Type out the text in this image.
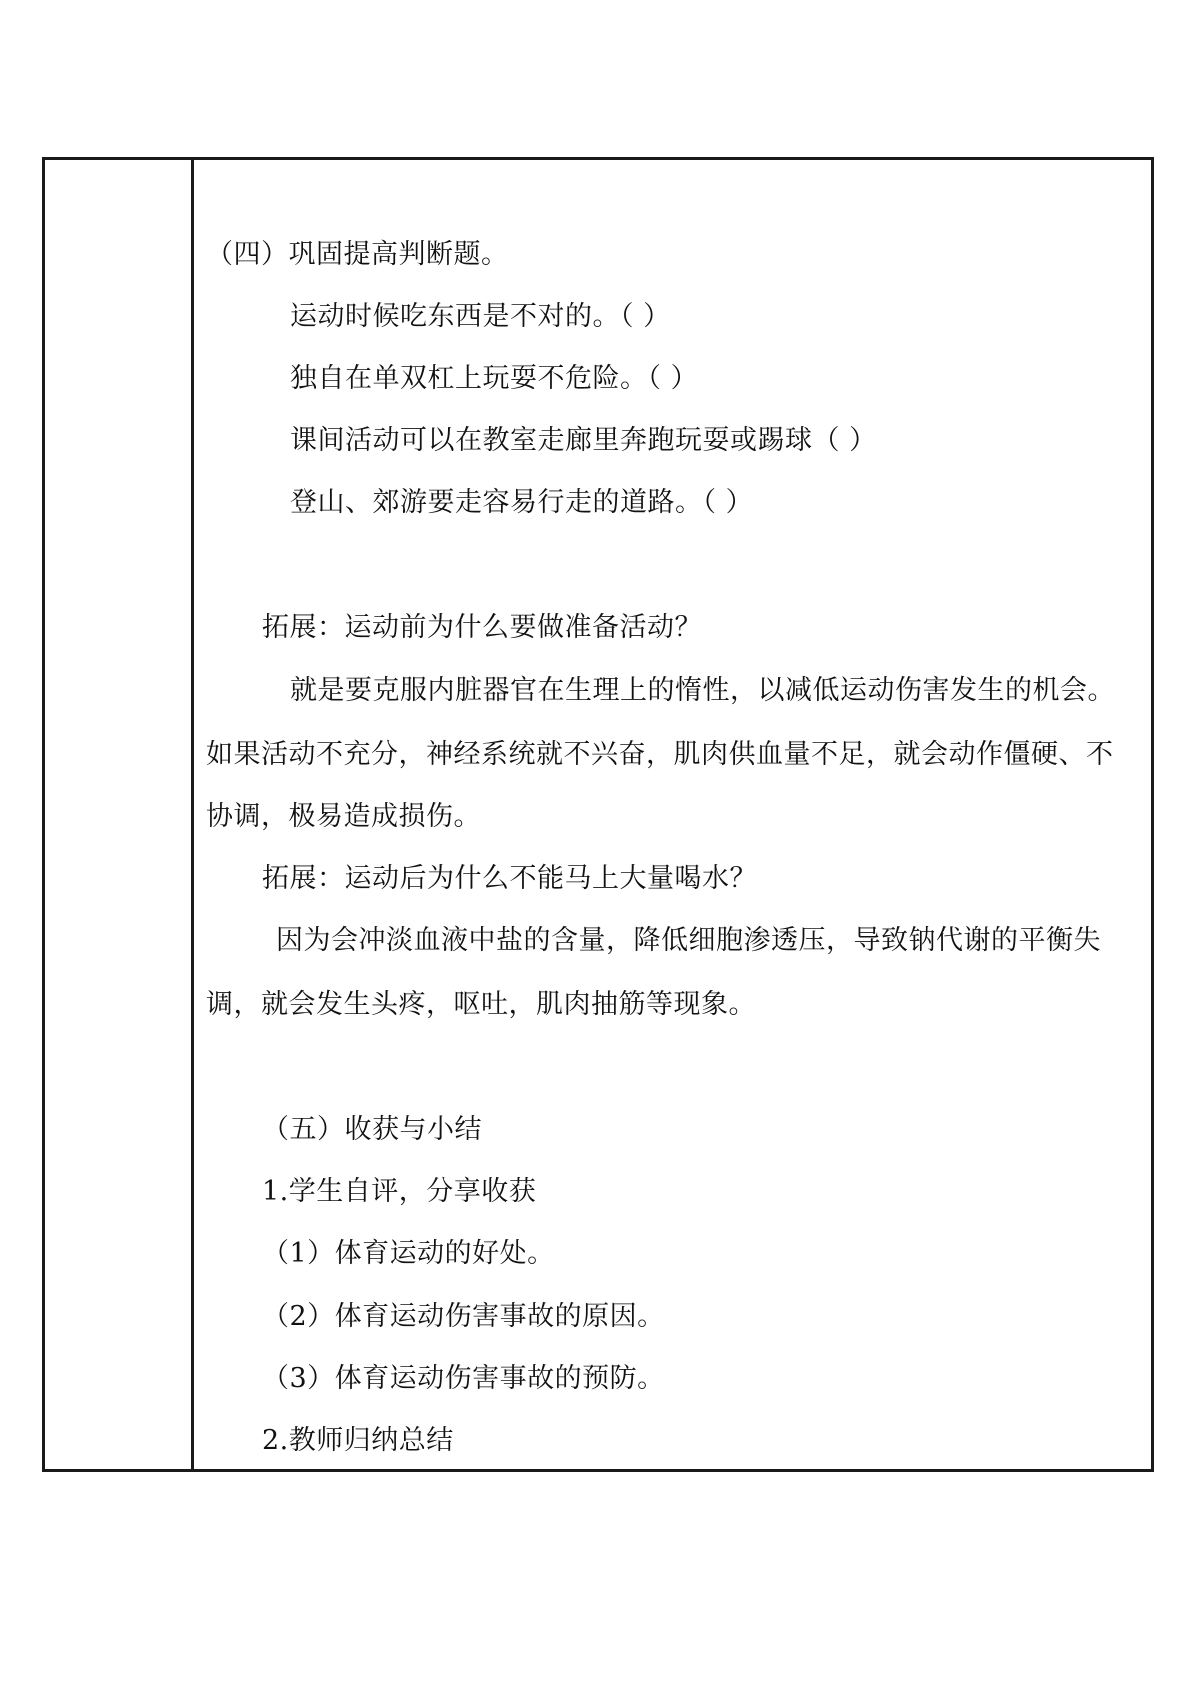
（四）巩固提高判断题。
运动时候吃东西是不对的。（ ）
独自在单双杠上玩耍不危险。（ ）
课间活动可以在教室走廊里奔跑玩耍或踢球（ ）
登山、郊游要走容易行走的道路。（ ）
拓展：运动前为什么要做准备活动？
就是要克服内脏器官在生理上的惰性，以减低运动伤害发生的机会。
如果活动不充分，神经系统就不兴奋，肌肉供血量不足，就会动作僵硬、不
协调，极易造成损伤。
拓展：运动后为什么不能马上大量喝水？
因为会冲淡血液中盐的含量，降低细胞渗透压，导致钠代谢的平衡失
调，就会发生头疼，呕吐，肌肉抽筋等现象。
（五）收获与小结
1.学生自评，分享收获
（1）体育运动的好处。
（2）体育运动伤害事故的原因。
（3）体育运动伤害事故的预防。
2.教师归纳总结
